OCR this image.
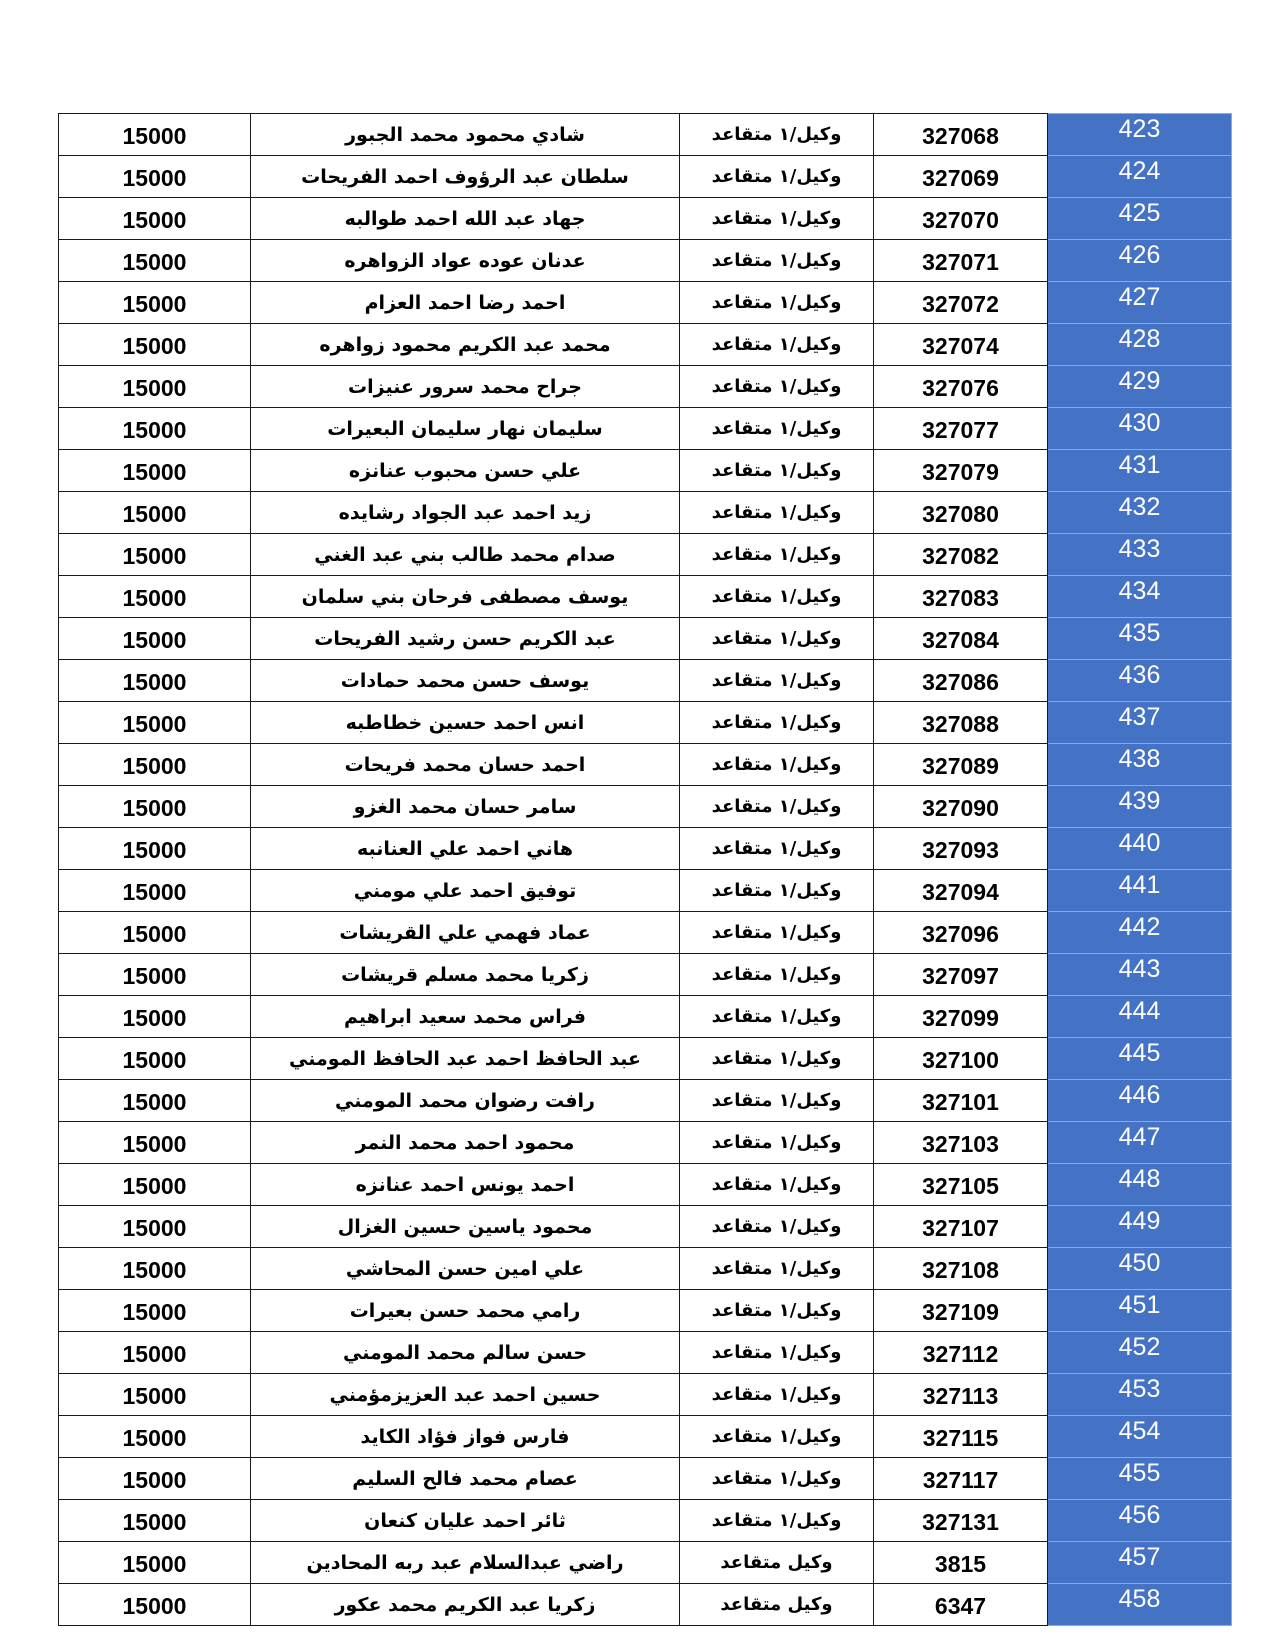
15000	شادي محمود محمد الجبور	وكيل/١ متقاعد	327068	423
15000	سلطان عبد الرؤوف احمد الفريحات	وكيل/١ متقاعد	327069	424
15000	جهاد عبد الله احمد طوالبه	وكيل/١ متقاعد	327070	425
15000	عدنان عوده عواد الزواهره	وكيل/١ متقاعد	327071	426
15000	احمد رضا احمد العزام	وكيل/١ متقاعد	327072	427
15000	محمد عبد الكريم محمود زواهره	وكيل/١ متقاعد	327074	428
15000	جراح محمد سرور عنيزات	وكيل/١ متقاعد	327076	429
15000	سليمان نهار سليمان البعيرات	وكيل/١ متقاعد	327077	430
15000	علي حسن محبوب عنانزه	وكيل/١ متقاعد	327079	431
15000	زيد احمد عبد الجواد رشايده	وكيل/١ متقاعد	327080	432
15000	صدام محمد طالب بني عبد الغني	وكيل/١ متقاعد	327082	433
15000	يوسف مصطفى فرحان بني سلمان	وكيل/١ متقاعد	327083	434
15000	عبد الكريم حسن رشيد الفريحات	وكيل/١ متقاعد	327084	435
15000	يوسف حسن محمد حمادات	وكيل/١ متقاعد	327086	436
15000	انس احمد حسين خطاطبه	وكيل/١ متقاعد	327088	437
15000	احمد حسان محمد فريحات	وكيل/١ متقاعد	327089	438
15000	سامر حسان محمد الغزو	وكيل/١ متقاعد	327090	439
15000	هاني احمد علي العنانبه	وكيل/١ متقاعد	327093	440
15000	توفيق احمد علي مومني	وكيل/١ متقاعد	327094	441
15000	عماد فهمي علي القريشات	وكيل/١ متقاعد	327096	442
15000	زكريا محمد مسلم قريشات	وكيل/١ متقاعد	327097	443
15000	فراس محمد سعيد ابراهيم	وكيل/١ متقاعد	327099	444
15000	عبد الحافظ احمد عبد الحافظ المومني	وكيل/١ متقاعد	327100	445
15000	رافت رضوان محمد المومني	وكيل/١ متقاعد	327101	446
15000	محمود احمد محمد النمر	وكيل/١ متقاعد	327103	447
15000	احمد يونس احمد عنانزه	وكيل/١ متقاعد	327105	448
15000	محمود ياسين حسين الغزال	وكيل/١ متقاعد	327107	449
15000	علي امين حسن المحاشي	وكيل/١ متقاعد	327108	450
15000	رامي محمد حسن بعيرات	وكيل/١ متقاعد	327109	451
15000	حسن سالم محمد المومني	وكيل/١ متقاعد	327112	452
15000	حسين احمد عبد العزيزمؤمني	وكيل/١ متقاعد	327113	453
15000	فارس فواز فؤاد الكايد	وكيل/١ متقاعد	327115	454
15000	عصام محمد فالح السليم	وكيل/١ متقاعد	327117	455
15000	ثائر احمد عليان كنعان	وكيل/١ متقاعد	327131	456
15000	راضي عبدالسلام عبد ربه المحادين	وكيل متقاعد	3815	457
15000	زكريا عبد الكريم محمد عكور	وكيل متقاعد	6347	458
